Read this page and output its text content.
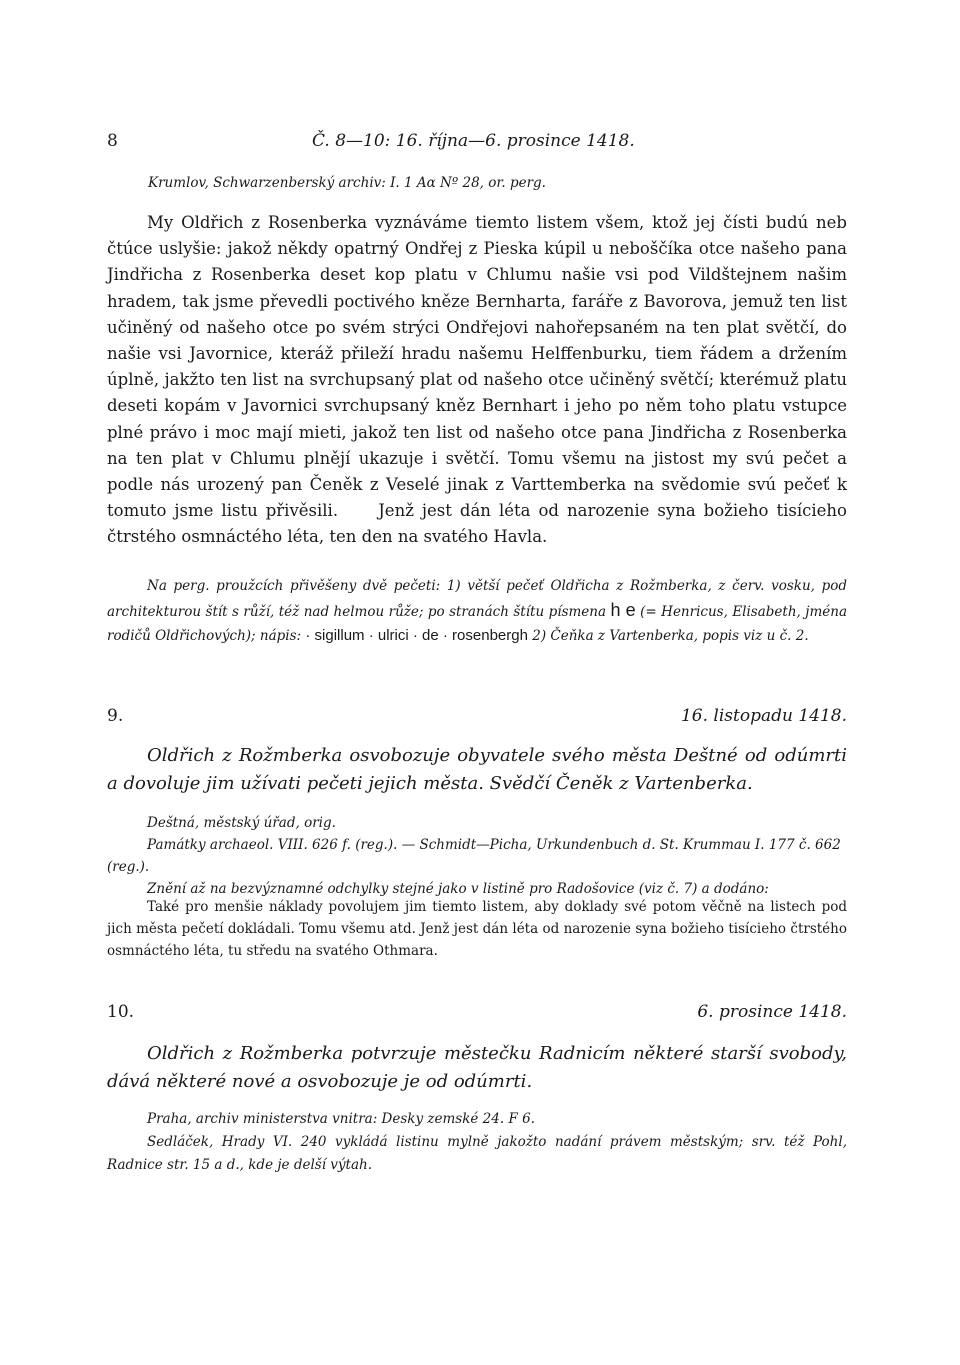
8	Č. 8—10: 16. října—6. prosince 1418.
Krumlov, Schwarzenberský archiv: I. 1 Aα Nº 28, or. perg.

My Oldřich z Rosenberka vyznáváme tiemto listem všem, ktož jej čísti budú neb čtúce uslyšie: jakož někdy opatrný Ondřej z Pieska kúpil u neboščíka otce našeho pana Jindřicha z Rosenberka deset kop platu v Chlumu našie vsi pod Vildštejnem našim hradem, tak jsme převedli poctivého kněze Bernharta, faráře z Bavorova, jemuž ten list učiněný od našeho otce po svém strýci Ondřejovi nahořepsaném na ten plat světčí, do našie vsi Javornice, kteráž přileží hradu našemu Helffenburku, tiem řádem a držením úplně, jakžto ten list na svrchupsaný plat od našeho otce učiněný světčí; kterémuž platu deseti kopám v Javornici svrchupsaný kněz Bernhart i jeho po něm toho platu vstupce plné právo i moc mají mieti, jakož ten list od našeho otce pana Jindřicha z Rosenberka na ten plat v Chlumu plnějí ukazuje i světčí. Tomu všemu na jistost my svú pečet a podle nás urozený pan Čeněk z Veselé jinak z Varttemberka na svědomie svú pečeť k tomuto jsme listu přivěsili. Jenž jest dán léta od narozenie syna božieho tisícieho čtrstého osmnáctého léta, ten den na svatého Havla.

Na perg. proužcích přivěšeny dvě pečeti: 1) větší pečeť Oldřicha z Rožmberka, z červ. vosku, pod architekturou štít s růží, též nad helmou růže; po stranách štítu písmena h e (= Henricus, Elisabeth, jména rodičů Oldřichových); nápis: · sigillum · ulrici · de · rosenbergh 2) Čeňka z Vartenberka, popis viz u č. 2.

9.	16. listopadu 1418.

Oldřich z Rožmberka osvobozuje obyvatele svého města Deštné od odúmrti a dovoluje jim užívati pečeti jejich města. Svědčí Čeněk z Vartenberka.

Deštná, městský úřad, orig.

Památky archaeol. VIII. 626 f. (reg.). — Schmidt—Picha, Urkundenbuch d. St. Krummau I. 177 č. 662 (reg.).

Znění až na bezvýznamné odchylky stejné jako v listině pro Radošovice (viz č. 7) a dodáno:

Také pro menšie náklady povolujem jim tiemto listem, aby doklady své potom věčně na listech pod jich města pečetí dokládali. Tomu všemu atd. Jenž jest dán léta od narozenie syna božieho tisícieho čtrstého osmnáctého léta, tu středu na svatého Othmara.

10.	6. prosince 1418.

Oldřich z Rožmberka potvrzuje městečku Radnicím některé starší svobody, dává některé nové a osvobozuje je od odúmrti.

Praha, archiv ministerstva vnitra: Desky zemské 24. F 6.

Sedláček, Hrady VI. 240 vykládá listinu mylně jakožto nadání právem městským; srv. též Pohl, Radnice str. 15 a d., kde je delší výtah.
